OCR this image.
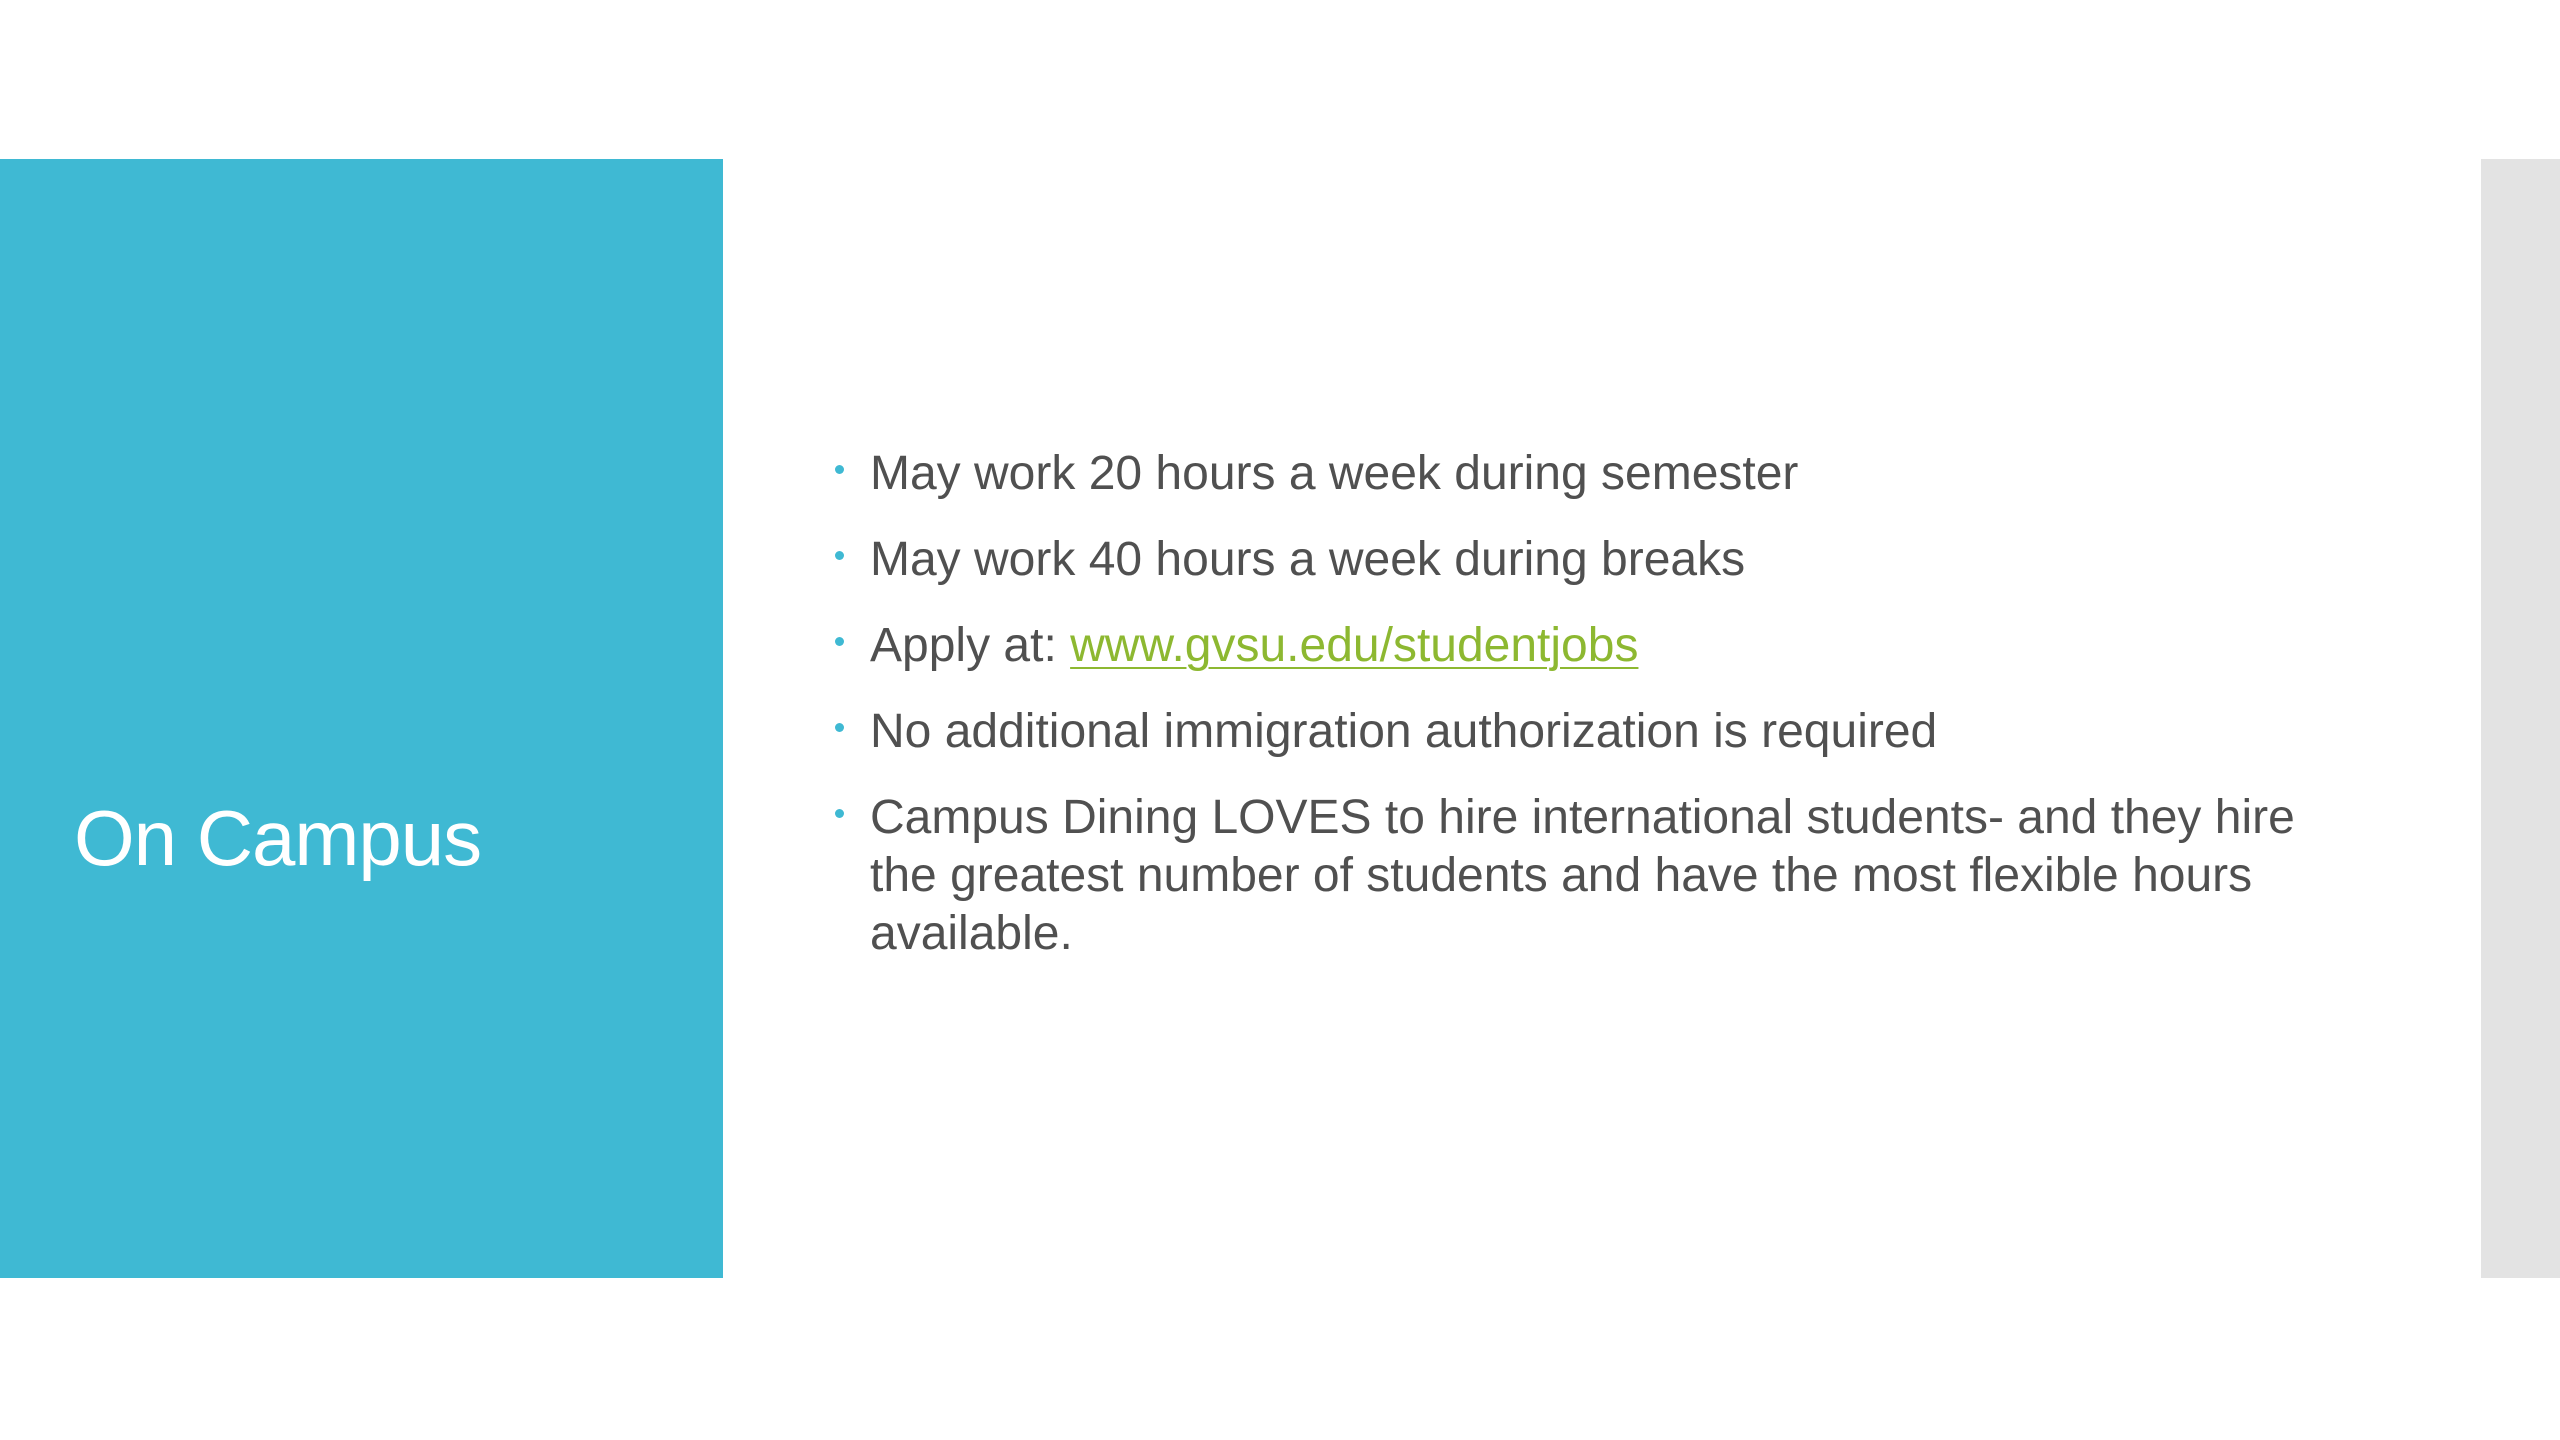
On Campus
May work 20 hours a week during semester
May work 40 hours a week during breaks
Apply at: www.gvsu.edu/studentjobs
No additional immigration authorization is required
Campus Dining LOVES to hire international students- and they hire the greatest number of students and have the most flexible hours available.
